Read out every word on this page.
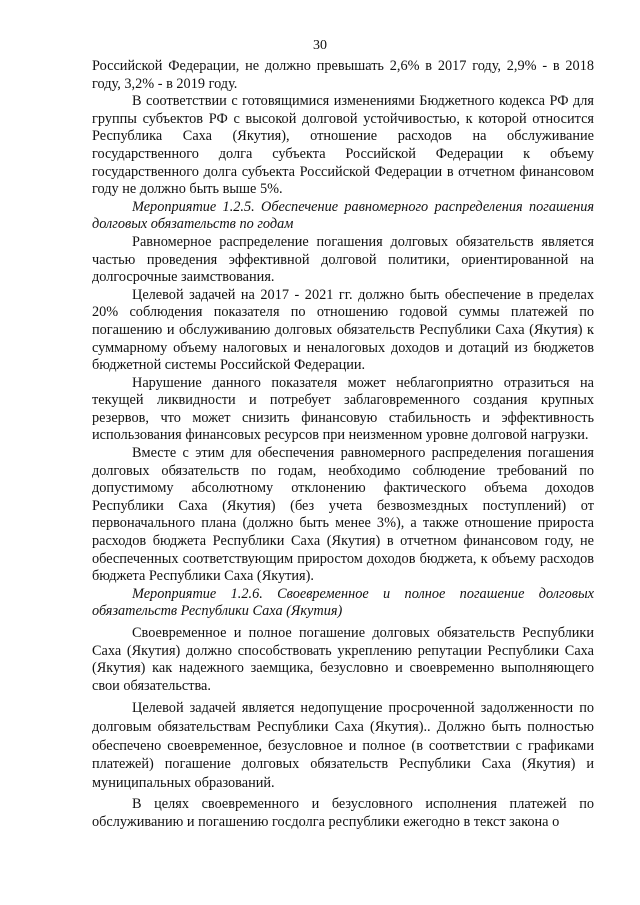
30

Российской Федерации, не должно превышать 2,6% в 2017 году, 2,9% - в 2018 году, 3,2% - в 2019 году.

В соответствии с готовящимися изменениями Бюджетного кодекса РФ для группы субъектов РФ с высокой долговой устойчивостью, к которой относится Республика Саха (Якутия), отношение расходов на обслуживание государственного долга субъекта Российской Федерации к объему государственного долга субъекта Российской Федерации в отчетном финансовом году не должно быть выше 5%.

Мероприятие 1.2.5. Обеспечение равномерного распределения погашения долговых обязательств по годам

Равномерное распределение погашения долговых обязательств является частью проведения эффективной долговой политики, ориентированной на долгосрочные заимствования.

Целевой задачей на 2017 - 2021 гг. должно быть обеспечение в пределах 20% соблюдения показателя по отношению годовой суммы платежей по погашению и обслуживанию долговых обязательств Республики Саха (Якутия) к суммарному объему налоговых и неналоговых доходов и дотаций из бюджетов бюджетной системы Российской Федерации.

Нарушение данного показателя может неблагоприятно отразиться на текущей ликвидности и потребует заблаговременного создания крупных резервов, что может снизить финансовую стабильность и эффективность использования финансовых ресурсов при неизменном уровне долговой нагрузки.

Вместе с этим для обеспечения равномерного распределения погашения долговых обязательств по годам, необходимо соблюдение требований по допустимому абсолютному отклонению фактического объема доходов Республики Саха (Якутия) (без учета безвозмездных поступлений) от первоначального плана (должно быть менее 3%), а также отношение прироста расходов бюджета Республики Саха (Якутия) в отчетном финансовом году, не обеспеченных соответствующим приростом доходов бюджета, к объему расходов бюджета Республики Саха (Якутия).

Мероприятие 1.2.6. Своевременное и полное погашение долговых обязательств Республики Саха (Якутия)

Своевременное и полное погашение долговых обязательств Республики Саха (Якутия) должно способствовать укреплению репутации Республики Саха (Якутия) как надежного заемщика, безусловно и своевременно выполняющего свои обязательства.

Целевой задачей является недопущение просроченной задолженности по долговым обязательствам Республики Саха (Якутия).. Должно быть полностью обеспечено своевременное, безусловное и полное (в соответствии с графиками платежей) погашение долговых обязательств Республики Саха (Якутия) и муниципальных образований.

В целях своевременного и безусловного исполнения платежей по обслуживанию и погашению госдолга республики ежегодно в текст закона о
